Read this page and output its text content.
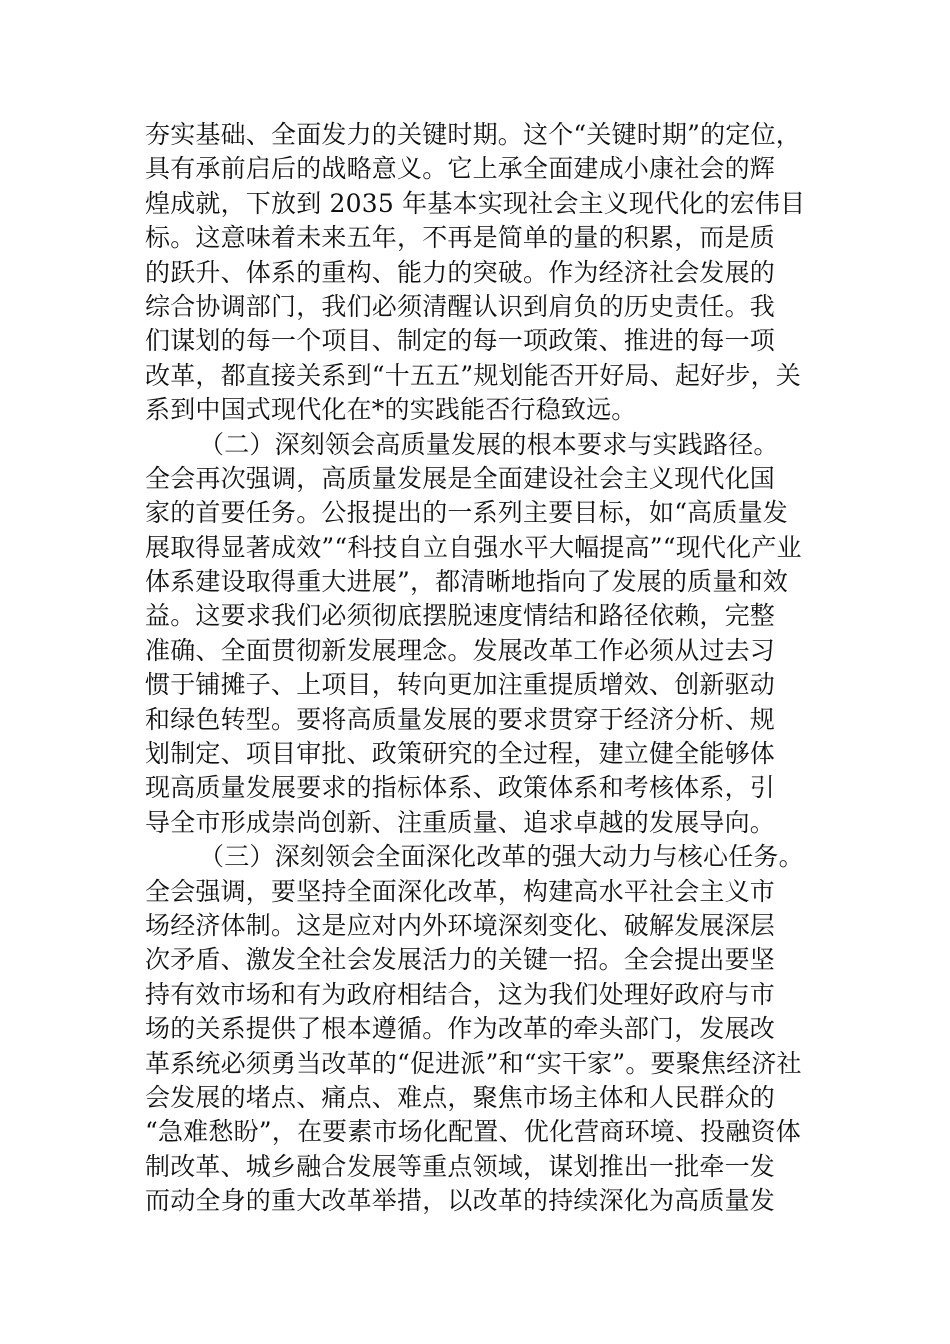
夯实基础、全面发力的关键时期。这个“关键时期”的定位，
具有承前启后的战略意义。它上承全面建成小康社会的辉
煌成就，下放到 2035 年基本实现社会主义现代化的宏伟目
标。这意味着未来五年，不再是简单的量的积累，而是质
的跃升、体系的重构、能力的突破。作为经济社会发展的
综合协调部门，我们必须清醒认识到肩负的历史责任。我
们谋划的每一个项目、制定的每一项政策、推进的每一项
改革，都直接关系到“十五五”规划能否开好局、起好步，关
系到中国式现代化在*的实践能否行稳致远。
（二）深刻领会高质量发展的根本要求与实践路径。
全会再次强调，高质量发展是全面建设社会主义现代化国
家的首要任务。公报提出的一系列主要目标，如“高质量发
展取得显著成效”“科技自立自强水平大幅提高”“现代化产业
体系建设取得重大进展”，都清晰地指向了发展的质量和效
益。这要求我们必须彻底摆脱速度情结和路径依赖，完整
准确、全面贯彻新发展理念。发展改革工作必须从过去习
惯于铺摊子、上项目，转向更加注重提质增效、创新驱动
和绿色转型。要将高质量发展的要求贯穿于经济分析、规
划制定、项目审批、政策研究的全过程，建立健全能够体
现高质量发展要求的指标体系、政策体系和考核体系，引
导全市形成崇尚创新、注重质量、追求卓越的发展导向。
（三）深刻领会全面深化改革的强大动力与核心任务。
全会强调，要坚持全面深化改革，构建高水平社会主义市
场经济体制。这是应对内外环境深刻变化、破解发展深层
次矛盾、激发全社会发展活力的关键一招。全会提出要坚
持有效市场和有为政府相结合，这为我们处理好政府与市
场的关系提供了根本遵循。作为改革的牵头部门，发展改
革系统必须勇当改革的“促进派”和“实干家”。要聚焦经济社
会发展的堵点、痛点、难点，聚焦市场主体和人民群众的
“急难愁盼”，在要素市场化配置、优化营商环境、投融资体
制改革、城乡融合发展等重点领域，谋划推出一批牵一发
而动全身的重大改革举措，以改革的持续深化为高质量发
